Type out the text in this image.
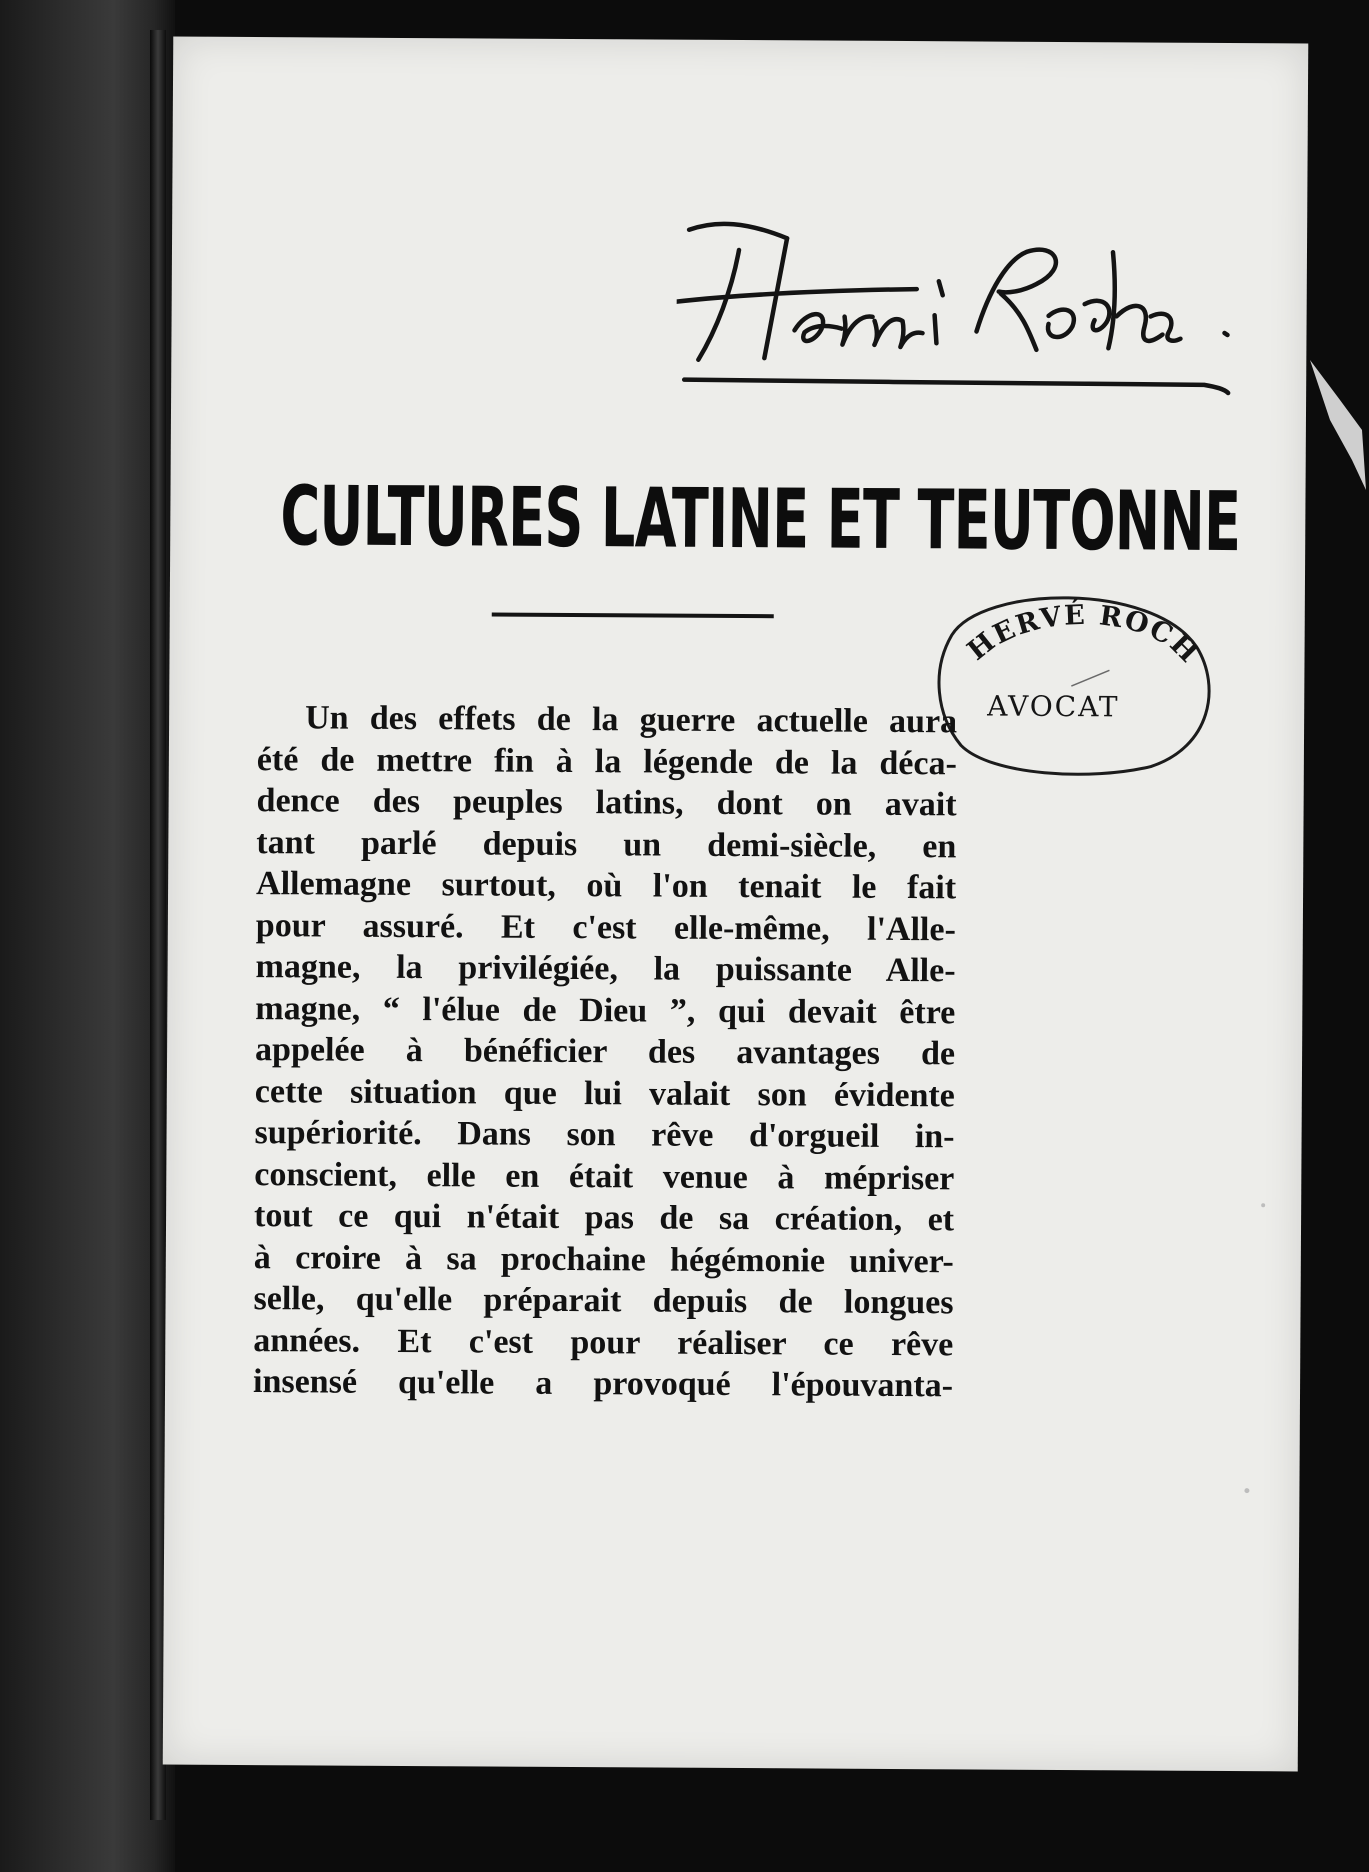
CULTURES LATINE ET TEUTONNE
HERVÉ ROCH
AVOCAT
Un des effets de la guerre actuelle aura
été de mettre fin à la légende de la déca-
dence des peuples latins, dont on avait
tant parlé depuis un demi-siècle, en
Allemagne surtout, où l'on tenait le fait
pour assuré. Et c'est elle-même, l'Alle-
magne, la privilégiée, la puissante Alle-
magne, “ l'élue de Dieu ”, qui devait être
appelée à bénéficier des avantages de
cette situation que lui valait son évidente
supériorité. Dans son rêve d'orgueil in-
conscient, elle en était venue à mépriser
tout ce qui n'était pas de sa création, et
à croire à sa prochaine hégémonie univer-
selle, qu'elle préparait depuis de longues
années. Et c'est pour réaliser ce rêve
insensé qu'elle a provoqué l'épouvanta-
